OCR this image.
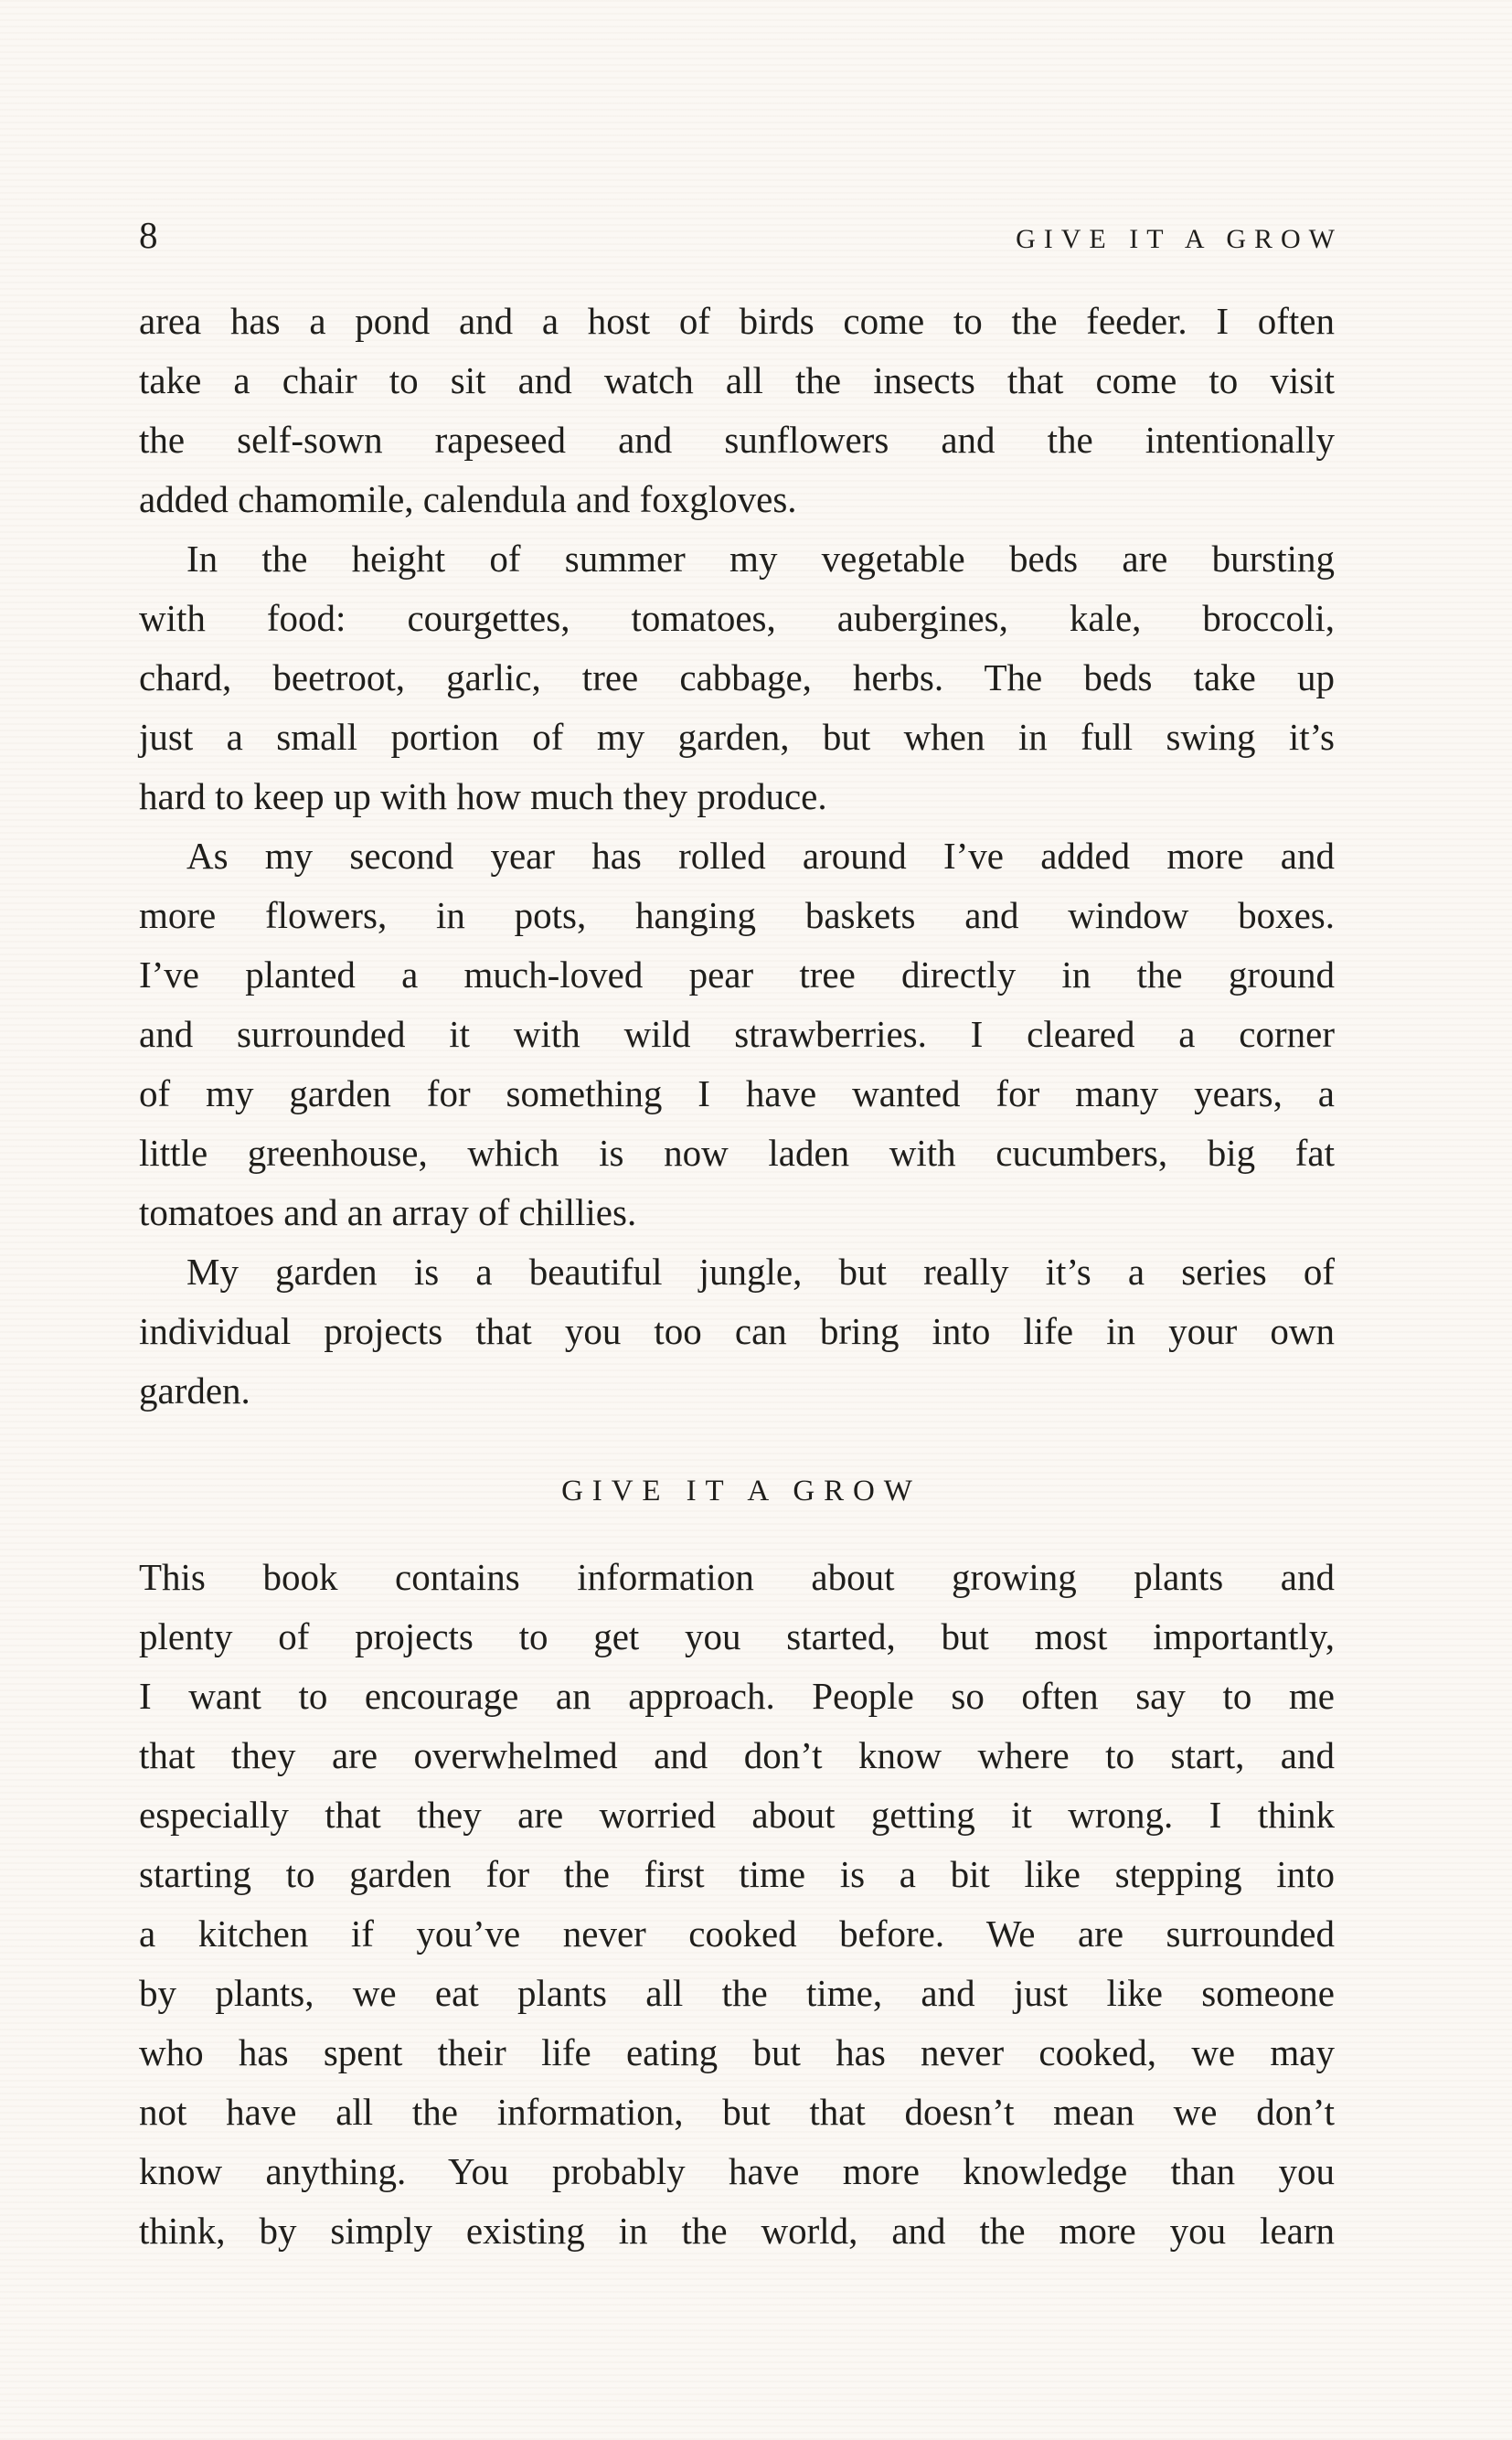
8	GIVE IT A GROW
area has a pond and a host of birds come to the feeder. I often
take a chair to sit and watch all the insects that come to visit
the self-sown rapeseed and sunflowers and the intentionally
added chamomile, calendula and foxgloves.
In the height of summer my vegetable beds are bursting
with food: courgettes, tomatoes, aubergines, kale, broccoli,
chard, beetroot, garlic, tree cabbage, herbs. The beds take up
just a small portion of my garden, but when in full swing it’s
hard to keep up with how much they produce.
As my second year has rolled around I’ve added more and
more flowers, in pots, hanging baskets and window boxes.
I’ve planted a much-loved pear tree directly in the ground
and surrounded it with wild strawberries. I cleared a corner
of my garden for something I have wanted for many years, a
little greenhouse, which is now laden with cucumbers, big fat
tomatoes and an array of chillies.
My garden is a beautiful jungle, but really it’s a series of
individual projects that you too can bring into life in your own
garden.
GIVE IT A GROW
This book contains information about growing plants and
plenty of projects to get you started, but most importantly,
I want to encourage an approach. People so often say to me
that they are overwhelmed and don’t know where to start, and
especially that they are worried about getting it wrong. I think
starting to garden for the first time is a bit like stepping into
a kitchen if you’ve never cooked before. We are surrounded
by plants, we eat plants all the time, and just like someone
who has spent their life eating but has never cooked, we may
not have all the information, but that doesn’t mean we don’t
know anything. You probably have more knowledge than you
think, by simply existing in the world, and the more you learn
